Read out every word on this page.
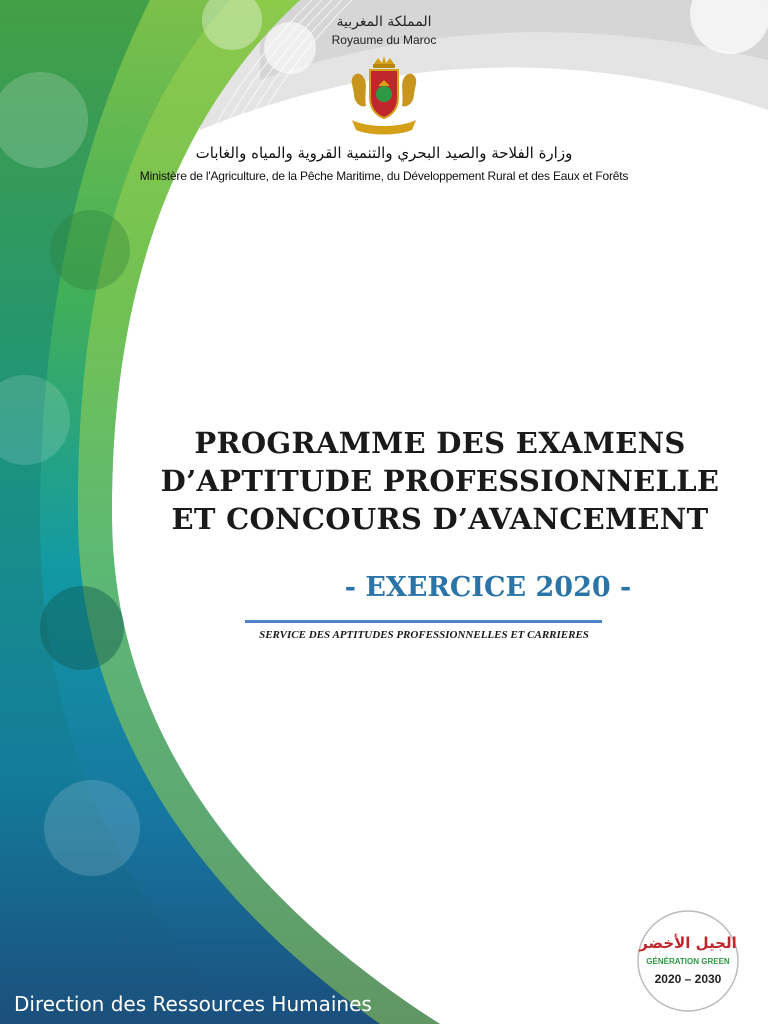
المملكة المغربية
Royaume du Maroc
وزارة الفلاحة والصيد البحري والتنمية القروية والمياه والغابات
Ministère de l'Agriculture, de la Pêche Maritime, du Développement Rural et des Eaux et Forêts
PROGRAMME DES EXAMENS
D’APTITUDE PROFESSIONNELLE
ET CONCOURS D’AVANCEMENT
- EXERCICE 2020 -
SERVICE DES APTITUDES PROFESSIONNELLES ET CARRIERES
Direction des Ressources Humaines
الجيل الأخضر
GÉNÉRATION GREEN
2020 – 2030
